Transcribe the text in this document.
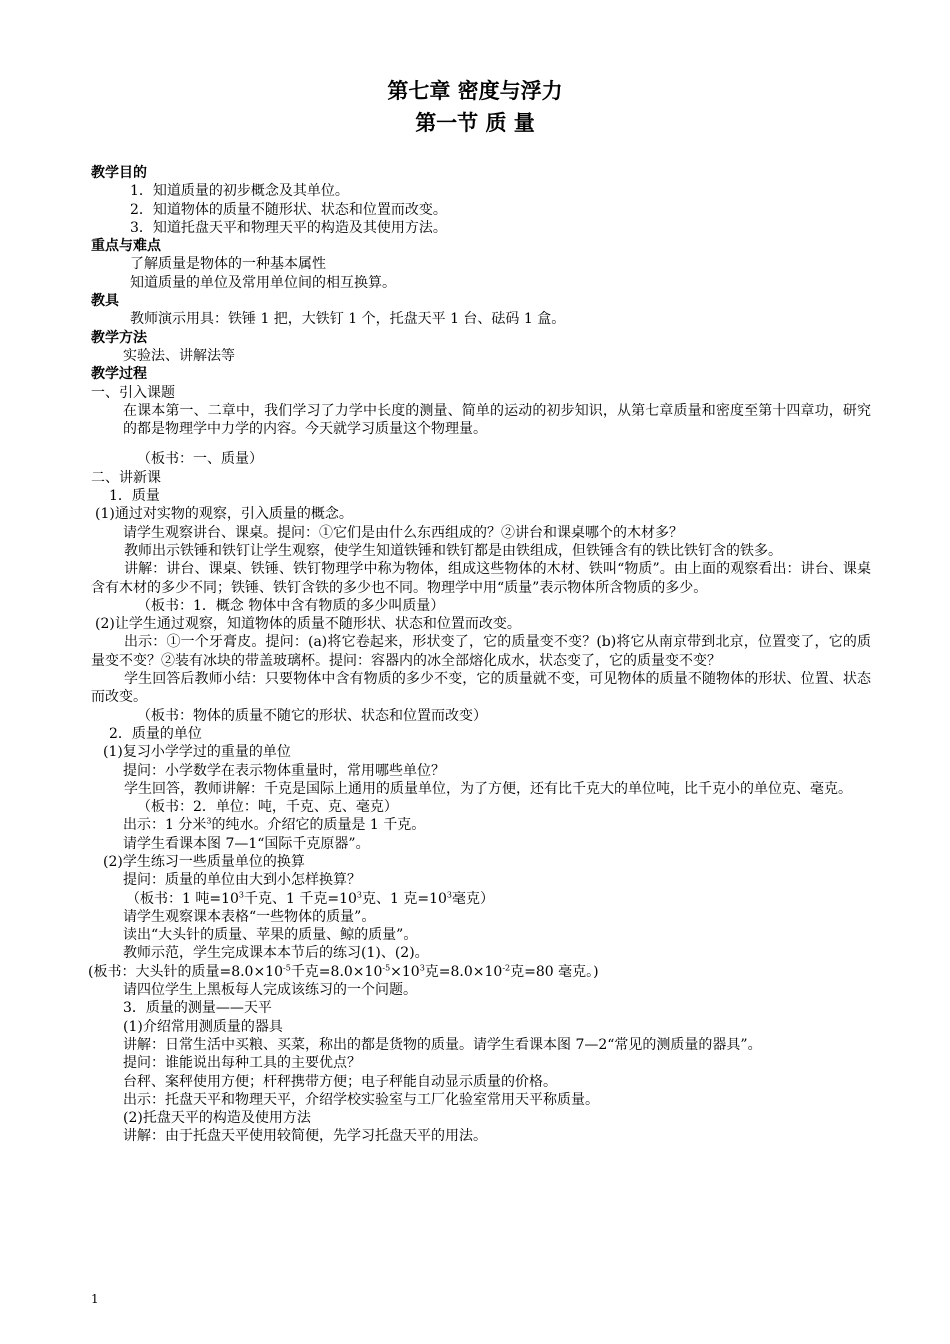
第七章 密度与浮力
第一节 质 量
教学目的
1．知道质量的初步概念及其单位。
2．知道物体的质量不随形状、状态和位置而改变。
3．知道托盘天平和物理天平的构造及其使用方法。
重点与难点
了解质量是物体的一种基本属性
知道质量的单位及常用单位间的相互换算。
教具
教师演示用具：铁锤 1 把，大铁钉 1 个，托盘天平 1 台、砝码 1 盒。
教学方法
实验法、讲解法等
教学过程
一、引入课题
在课本第一、二章中，我们学习了力学中长度的测量、简单的运动的初步知识，从第七章质量和密度至第十四章功，研究的都是物理学中力学的内容。今天就学习质量这个物理量。
（板书：一、质量）
二、讲新课
1．质量
(1)通过对实物的观察，引入质量的概念。
请学生观察讲台、课桌。提问：①它们是由什么东西组成的？②讲台和课桌哪个的木材多？
教师出示铁锤和铁钉让学生观察，使学生知道铁锤和铁钉都是由铁组成，但铁锤含有的铁比铁钉含的铁多。
讲解：讲台、课桌、铁锤、铁钉物理学中称为物体，组成这些物体的木材、铁叫“物质”。由上面的观察看出：讲台、课桌含有木材的多少不同；铁锤、铁钉含铁的多少也不同。物理学中用“质量”表示物体所含物质的多少。
（板书：1．概念 物体中含有物质的多少叫质量）
(2)让学生通过观察，知道物体的质量不随形状、状态和位置而改变。
出示：①一个牙膏皮。提问：(a)将它卷起来，形状变了，它的质量变不变？(b)将它从南京带到北京，位置变了，它的质量变不变？②装有冰块的带盖玻璃杯。提问：容器内的冰全部熔化成水，状态变了，它的质量变不变？
学生回答后教师小结：只要物体中含有物质的多少不变，它的质量就不变，可见物体的质量不随物体的形状、位置、状态而改变。
（板书：物体的质量不随它的形状、状态和位置而改变）
2．质量的单位
(1)复习小学学过的重量的单位
提问：小学数学在表示物体重量时，常用哪些单位？
学生回答，教师讲解：千克是国际上通用的质量单位，为了方便，还有比千克大的单位吨，比千克小的单位克、毫克。
（板书：2．单位：吨，千克、克、毫克）
出示：1 分米$^3$的纯水。介绍它的质量是 1 千克。
请学生看课本图 7—1“国际千克原器”。
(2)学生练习一些质量单位的换算
提问：质量的单位由大到小怎样换算？
（板书：1 吨$=10^3$千克、1 千克$=10^3$克、1 克$=10^3$毫克）
请学生观察课本表格“一些物体的质量”。
读出“大头针的质量、苹果的质量、鲸的质量”。
教师示范，学生完成课本本节后的练习(1)、(2)。
(板书：大头针的质量$=8.0\times 10^{-5}$千克$=8.0\times 10^{-5}\times 10^3$克$=8.0\times 10^{-2}$克=80 毫克。)
请四位学生上黑板每人完成该练习的一个问题。
3．质量的测量——天平
(1)介绍常用测质量的器具
讲解：日常生活中买粮、买菜，称出的都是货物的质量。请学生看课本图 7—2“常见的测质量的器具”。
提问：谁能说出每种工具的主要优点？
台秤、案秤使用方便；杆秤携带方便；电子秤能自动显示质量的价格。
出示：托盘天平和物理天平，介绍学校实验室与工厂化验室常用天平称质量。
(2)托盘天平的构造及使用方法
讲解：由于托盘天平使用较简便，先学习托盘天平的用法。
1
